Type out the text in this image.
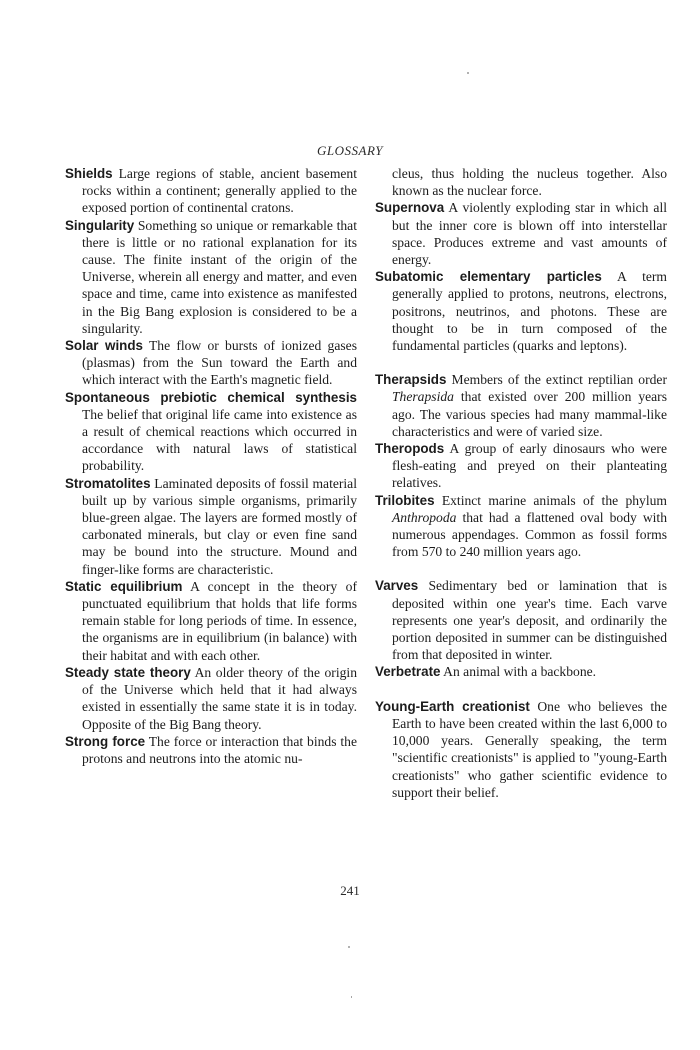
GLOSSARY

Shields Large regions of stable, ancient basement rocks within a continent; generally applied to the exposed portion of continental cratons.

Singularity Something so unique or remarkable that there is little or no rational explanation for its cause. The finite instant of the origin of the Universe, wherein all energy and matter, and even space and time, came into existence as manifested in the Big Bang explosion is considered to be a singularity.

Solar winds The flow or bursts of ionized gases (plasmas) from the Sun toward the Earth and which interact with the Earth's magnetic field.

Spontaneous prebiotic chemical synthesis The belief that original life came into existence as a result of chemical reactions which occurred in accordance with natural laws of statistical probability.

Stromatolites Laminated deposits of fossil material built up by various simple organisms, primarily blue-green algae. The layers are formed mostly of carbonated minerals, but clay or even fine sand may be bound into the structure. Mound and finger-like forms are characteristic.

Static equilibrium A concept in the theory of punctuated equilibrium that holds that life forms remain stable for long periods of time. In essence, the organisms are in equilibrium (in balance) with their habitat and with each other.

Steady state theory An older theory of the origin of the Universe which held that it had always existed in essentially the same state it is in today. Opposite of the Big Bang theory.

Strong force The force or interaction that binds the protons and neutrons into the atomic nu-

cleus, thus holding the nucleus together. Also known as the nuclear force.

Supernova A violently exploding star in which all but the inner core is blown off into interstellar space. Produces extreme and vast amounts of energy.

Subatomic elementary particles A term generally applied to protons, neutrons, electrons, positrons, neutrinos, and photons. These are thought to be in turn composed of the fundamental particles (quarks and leptons).

Therapsids Members of the extinct reptilian order Therapsida that existed over 200 million years ago. The various species had many mammal-like characteristics and were of varied size.

Theropods A group of early dinosaurs who were flesh-eating and preyed on their planteating relatives.

Trilobites Extinct marine animals of the phylum Anthropoda that had a flattened oval body with numerous appendages. Common as fossil forms from 570 to 240 million years ago.

Varves Sedimentary bed or lamination that is deposited within one year's time. Each varve represents one year's deposit, and ordinarily the portion deposited in summer can be distinguished from that deposited in winter.

Verbetrate An animal with a backbone.

Young-Earth creationist One who believes the Earth to have been created within the last 6,000 to 10,000 years. Generally speaking, the term "scientific creationists" is applied to "young-Earth creationists" who gather scientific evidence to support their belief.

241
